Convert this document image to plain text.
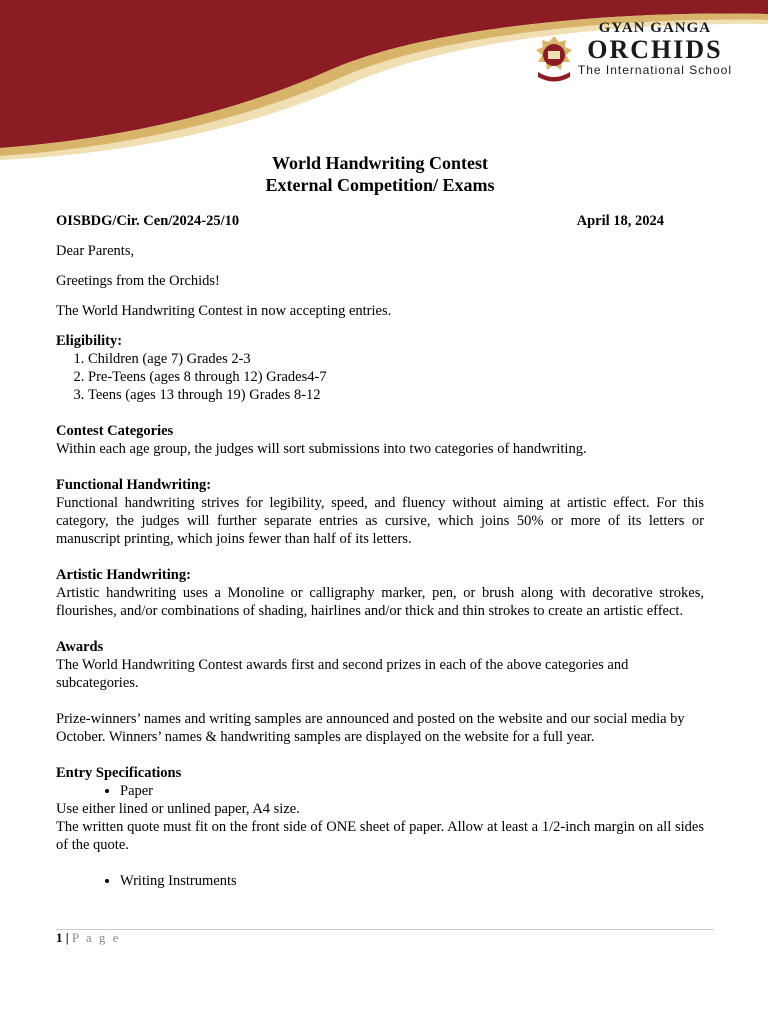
GYAN GANGA
ORCHIDS
The International School

World Handwriting Contest

External Competition/ Exams

OISBDG/Cir. Cen/2024-25/10	April 18, 2024

Dear Parents,

Greetings from the Orchids!

The World Handwriting Contest in now accepting entries.

Eligibility:
1. Children (age 7) Grades 2-3
2. Pre-Teens (ages 8 through 12) Grades4-7
3. Teens (ages 13 through 19) Grades 8-12
Contest Categories

Within each age group, the judges will sort submissions into two categories of handwriting.

Functional Handwriting:

Functional handwriting strives for legibility, speed, and fluency without aiming at artistic effect. For this category, the judges will further separate entries as cursive, which joins 50% or more of its letters or manuscript printing, which joins fewer than half of its letters.

Artistic Handwriting:

Artistic handwriting uses a Monoline or calligraphy marker, pen, or brush along with decorative strokes, flourishes, and/or combinations of shading, hairlines and/or thick and thin strokes to create an artistic effect.

Awards

The World Handwriting Contest awards first and second prizes in each of the above categories and subcategories.

Prize-winners’ names and writing samples are announced and posted on the website and our social media by October. Winners’ names & handwriting samples are displayed on the website for a full year.

Entry Specifications
• Paper

Use either lined or unlined paper, A4 size.

The written quote must fit on the front side of ONE sheet of paper. Allow at least a 1/2-inch margin on all sides of the quote.

• Writing Instruments
1 | P a g e
